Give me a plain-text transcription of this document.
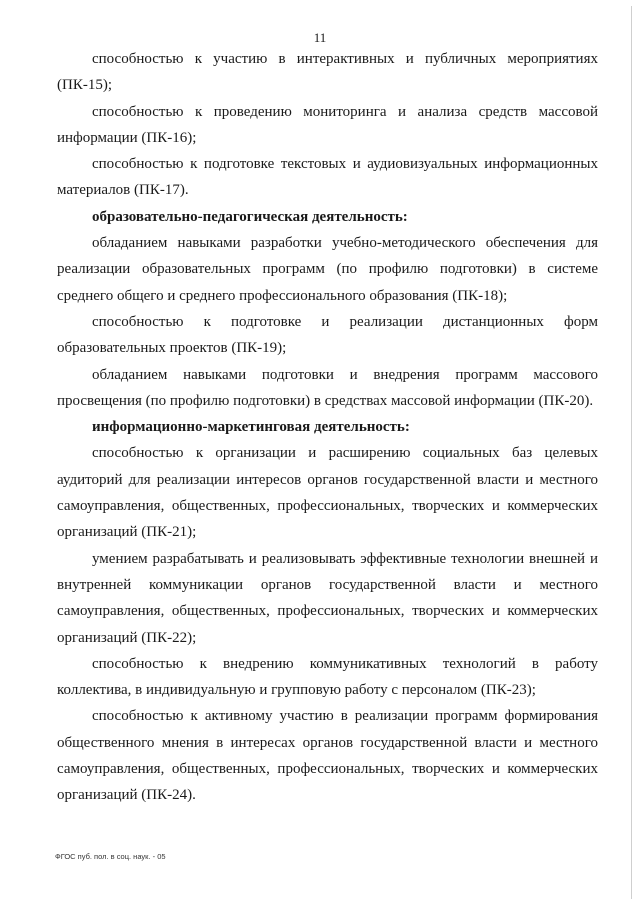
11

способностью к участию в интерактивных и публичных мероприятиях (ПК-15);

способностью к проведению мониторинга и анализа средств массовой информации (ПК-16);

способностью к подготовке текстовых и аудиовизуальных информационных материалов (ПК-17).

образовательно-педагогическая деятельность:

обладанием навыками разработки учебно-методического обеспечения для реализации образовательных программ (по профилю подготовки) в системе среднего общего и среднего профессионального образования (ПК-18);

способностью к подготовке и реализации дистанционных форм образовательных проектов (ПК-19);

обладанием навыками подготовки и внедрения программ массового просвещения (по профилю подготовки) в средствах массовой информации (ПК-20).

информационно-маркетинговая деятельность:

способностью к организации и расширению социальных баз целевых аудиторий для реализации интересов органов государственной власти и местного самоуправления, общественных, профессиональных, творческих и коммерческих организаций (ПК-21);

умением разрабатывать и реализовывать эффективные технологии внешней и внутренней коммуникации органов государственной власти и местного самоуправления, общественных, профессиональных, творческих и коммерческих организаций (ПК-22);

способностью к внедрению коммуникативных технологий в работу коллектива, в индивидуальную и групповую работу с персоналом (ПК-23);

способностью к активному участию в реализации программ формирования общественного мнения в интересах органов государственной власти и местного самоуправления, общественных, профессиональных, творческих и коммерческих организаций (ПК-24).

ФГОС пуб. пол. в соц. наук. - 05
